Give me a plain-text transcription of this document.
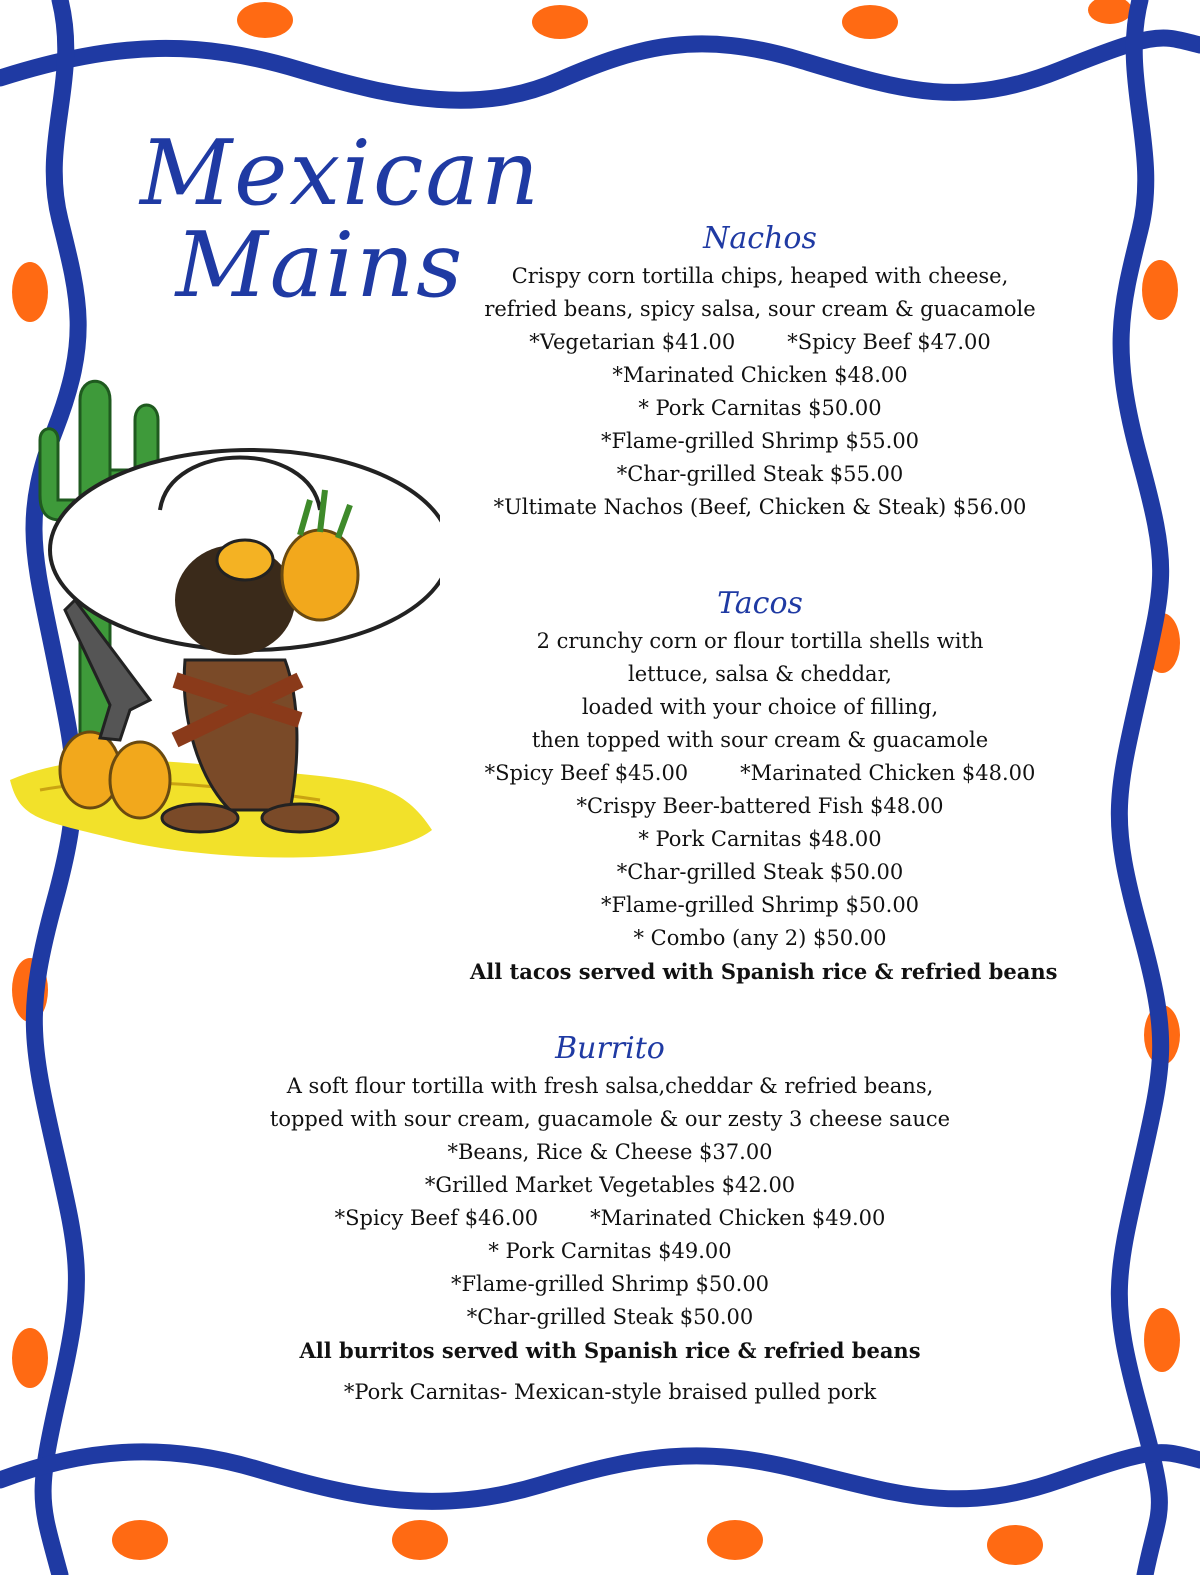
Mexican
Mains	Nachos
Crispy corn tortilla chips, heaped with cheese,
refried beans, spicy salsa, sour cream & guacamole
*Vegetarian $41.00 *Spicy Beef $47.00
*Marinated Chicken $48.00
* Pork Carnitas $50.00
*Flame-grilled Shrimp $55.00
*Char-grilled Steak $55.00
*Ultimate Nachos (Beef, Chicken & Steak) $56.00
Tacos
2 crunchy corn or flour tortilla shells with
lettuce, salsa & cheddar,
loaded with your choice of filling,
then topped with sour cream & guacamole
*Spicy Beef $45.00 *Marinated Chicken $48.00
*Crispy Beer-battered Fish $48.00
* Pork Carnitas $48.00
*Char-grilled Steak $50.00
*Flame-grilled Shrimp $50.00
* Combo (any 2) $50.00
All tacos served with Spanish rice & refried beans
Burrito
A soft flour tortilla with fresh salsa,cheddar & refried beans,
topped with sour cream, guacamole & our zesty 3 cheese sauce
*Beans, Rice & Cheese $37.00
*Grilled Market Vegetables $42.00
*Spicy Beef $46.00 *Marinated Chicken $49.00
* Pork Carnitas $49.00
*Flame-grilled Shrimp $50.00
*Char-grilled Steak $50.00
All burritos served with Spanish rice & refried beans
*Pork Carnitas- Mexican-style braised pulled pork
